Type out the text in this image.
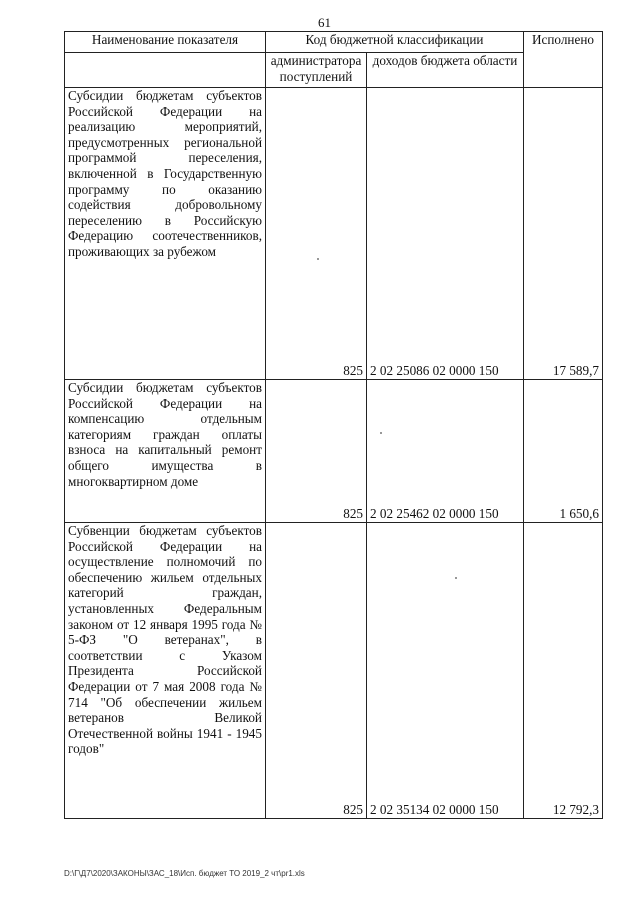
61
Наименование показателя	Код бюджетной классификации		Исполнено
	администратора поступлений	доходов бюджета области	
Субсидии бюджетам субъектов Российской Федерации на реализацию мероприятий, предусмотренных региональной программой переселения, включенной в Государственную программу по оказанию содействия добровольному переселению в Российскую Федерацию соотечественников, проживающих за рубежом	825	2 02 25086 02 0000 150	17 589,7
Субсидии бюджетам субъектов Российской Федерации на компенсацию отдельным категориям граждан оплаты взноса на капитальный ремонт общего имущества в многоквартирном доме	825	2 02 25462 02 0000 150	1 650,6
Субвенции бюджетам субъектов Российской Федерации на осуществление полномочий по обеспечению жильем отдельных категорий граждан, установленных Федеральным законом от 12 января 1995 года № 5-ФЗ "О ветеранах", в соответствии с Указом Президента Российской Федерации от 7 мая 2008 года № 714 "Об обеспечении жильем ветеранов Великой Отечественной войны 1941 - 1945 годов"	825	2 02 35134 02 0000 150	12 792,3
D:\Г\Д7\2020\ЗАКОНЫ\ЗАС_18\Исп. бюджет ТО 2019_2 чт\pr1.xls
